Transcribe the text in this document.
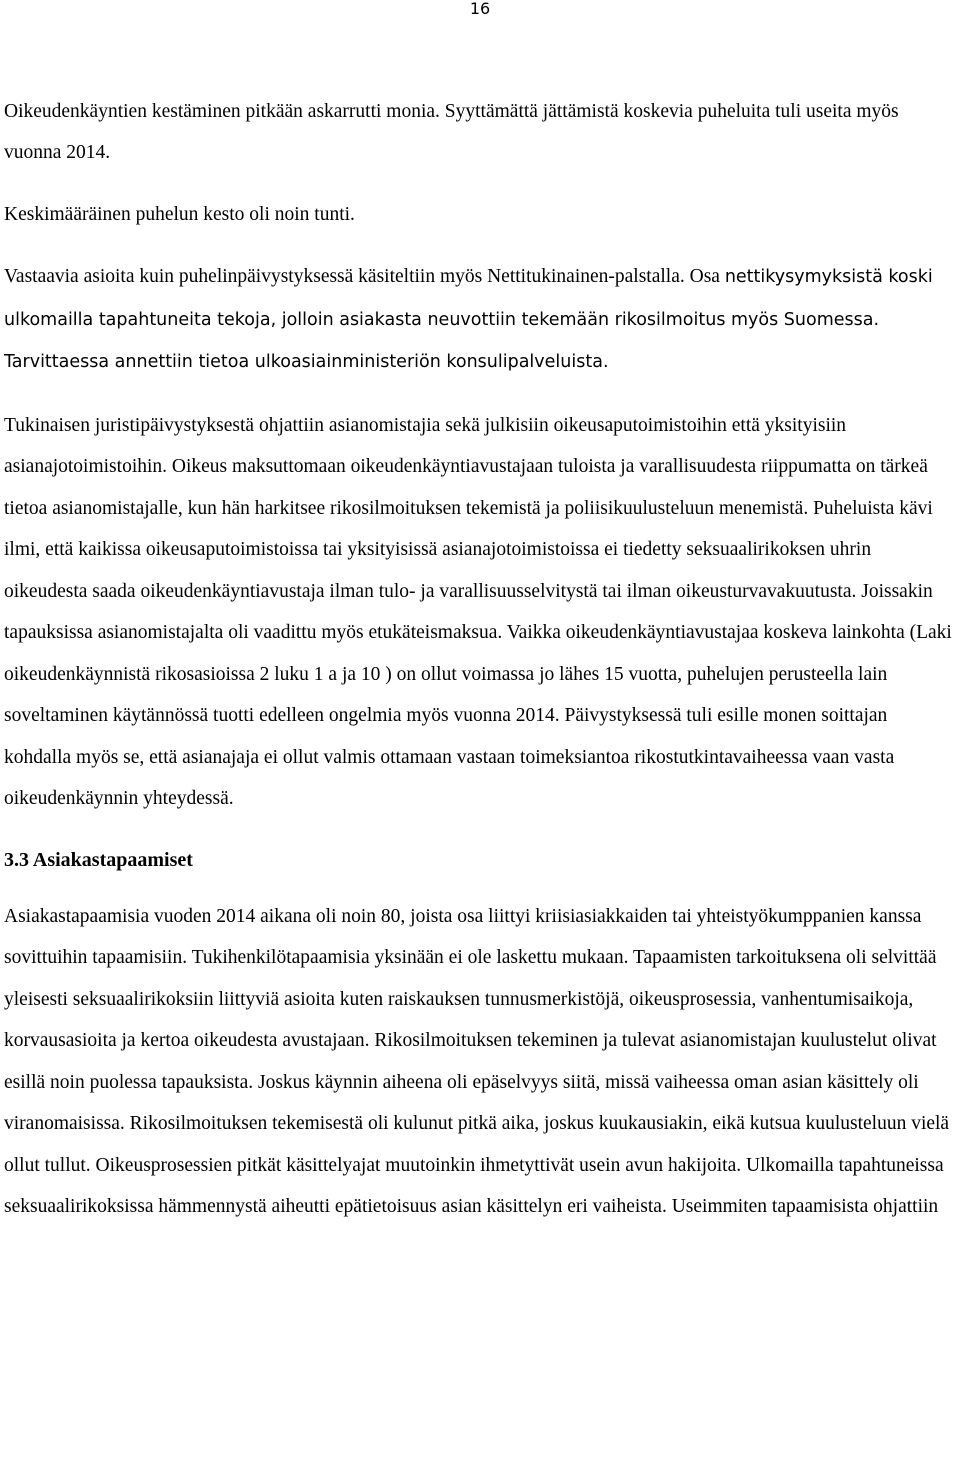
16

Oikeudenkäyntien kestäminen pitkään askarrutti monia. Syyttämättä jättämistä koskevia puheluita tuli useita myös vuonna 2014.

Keskimääräinen puhelun kesto oli noin tunti.

Vastaavia asioita kuin puhelinpäivystyksessä käsiteltiin myös Nettitukinainen-palstalla. Osa nettikysymyksistä koski ulkomailla tapahtuneita tekoja, jolloin asiakasta neuvottiin tekemään rikosilmoitus myös Suomessa. Tarvittaessa annettiin tietoa ulkoasiainministeriön konsulipalveluista.

Tukinaisen juristipäivystyksestä ohjattiin asianomistajia sekä julkisiin oikeusaputoimistoihin että yksityisiin asianajotoimistoihin. Oikeus maksuttomaan oikeudenkäyntiavustajaan tuloista ja varallisuudesta riippumatta on tärkeä tietoa asianomistajalle, kun hän harkitsee rikosilmoituksen tekemistä ja poliisikuulusteluun menemistä. Puheluista kävi ilmi, että kaikissa oikeusaputoimistoissa tai yksityisissä asianajotoimistoissa ei tiedetty seksuaalirikoksen uhrin oikeudesta saada oikeudenkäyntiavustaja ilman tulo- ja varallisuusselvitystä tai ilman oikeusturvavakuutusta. Joissakin tapauksissa asianomistajalta oli vaadittu myös etukäteismaksua. Vaikka oikeudenkäyntiavustajaa koskeva lainkohta (Laki oikeudenkäynnistä rikosasioissa 2 luku 1 a ja 10 ) on ollut voimassa jo lähes 15 vuotta, puhelujen perusteella lain soveltaminen käytännössä tuotti edelleen ongelmia myös vuonna 2014. Päivystyksessä tuli esille monen soittajan kohdalla myös se, että asianajaja ei ollut valmis ottamaan vastaan toimeksiantoa rikostutkintavaiheessa vaan vasta oikeudenkäynnin yhteydessä.

3.3 Asiakastapaamiset

Asiakastapaamisia vuoden 2014 aikana oli noin 80, joista osa liittyi kriisiasiakkaiden tai yhteistyökumppanien kanssa sovittuihin tapaamisiin. Tukihenkilötapaamisia yksinään ei ole laskettu mukaan. Tapaamisten tarkoituksena oli selvittää yleisesti seksuaalirikoksiin liittyviä asioita kuten raiskauksen tunnusmerkistöjä, oikeusprosessia, vanhentumisaikoja, korvausasioita ja kertoa oikeudesta avustajaan. Rikosilmoituksen tekeminen ja tulevat asianomistajan kuulustelut olivat esillä noin puolessa tapauksista. Joskus käynnin aiheena oli epäselvyys siitä, missä vaiheessa oman asian käsittely oli viranomaisissa. Rikosilmoituksen tekemisestä oli kulunut pitkä aika, joskus kuukausiakin, eikä kutsua kuulusteluun vielä ollut tullut. Oikeusprosessien pitkät käsittelyajat muutoinkin ihmetyttivät usein avun hakijoita. Ulkomailla tapahtuneissa seksuaalirikoksissa hämmennystä aiheutti epätietoisuus asian käsittelyn eri vaiheista. Useimmiten tapaamisista ohjattiin
